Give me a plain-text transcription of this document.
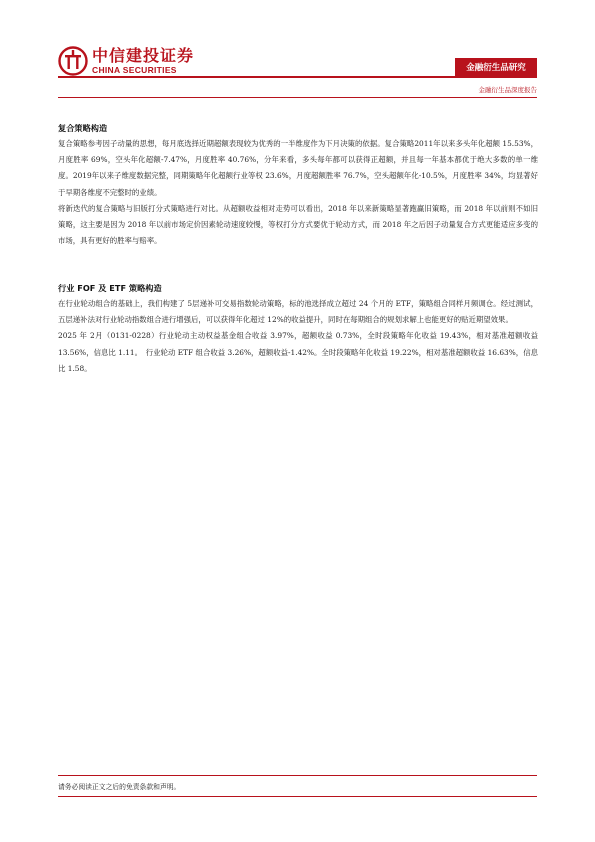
中信建投证券
CHINA SECURITIES	金融衍生品研究
金融衍生品深度报告
复合策略构造

复合策略参考因子动量的思想，每月底选择近期超额表现较为优秀的一半维度作为下月决策的依据。复合策略2011年以来多头年化超额 15.53%，月度胜率 69%，空头年化超额-7.47%，月度胜率 40.76%，分年来看，多头每年都可以获得正超额，并且每一年基本都优于绝大多数的单一维度。2019年以来子维度数据完整，同期策略年化超额行业等权 23.6%，月度超额胜率 76.7%，空头超额年化-10.5%，月度胜率 34%，均显著好于早期各维度不完整时的业绩。

将新迭代的复合策略与旧版打分式策略进行对比。从超额收益相对走势可以看出，2018 年以来新策略显著跑赢旧策略，而 2018 年以前则不如旧策略，这主要是因为 2018 年以前市场定价因素轮动速度较慢，等权打分方式要优于轮动方式，而 2018 年之后因子动量复合方式更能适应多变的市场，具有更好的胜率与赔率。

行业 FOF 及 ETF 策略构造

在行业轮动组合的基础上，我们构建了 5层递补可交易指数轮动策略，标的池选择成立超过 24 个月的 ETF，策略组合同样月频调仓。经过测试，五层递补法对行业轮动指数组合进行增强后，可以获得年化超过 12%的收益提升，同时在每期组合的规划求解上也能更好的贴近期望效果。

2025 年 2月（0131-0228）行业轮动主动权益基金组合收益 3.97%，超额收益 0.73%，全时段策略年化收益 19.43%，相对基准超额收益 13.56%，信息比 1.11。　行业轮动 ETF 组合收益 3.26%，超额收益-1.42%。全时段策略年化收益 19.22%，相对基准超额收益 16.63%，信息比 1.58。

请务必阅读正文之后的免责条款和声明。
